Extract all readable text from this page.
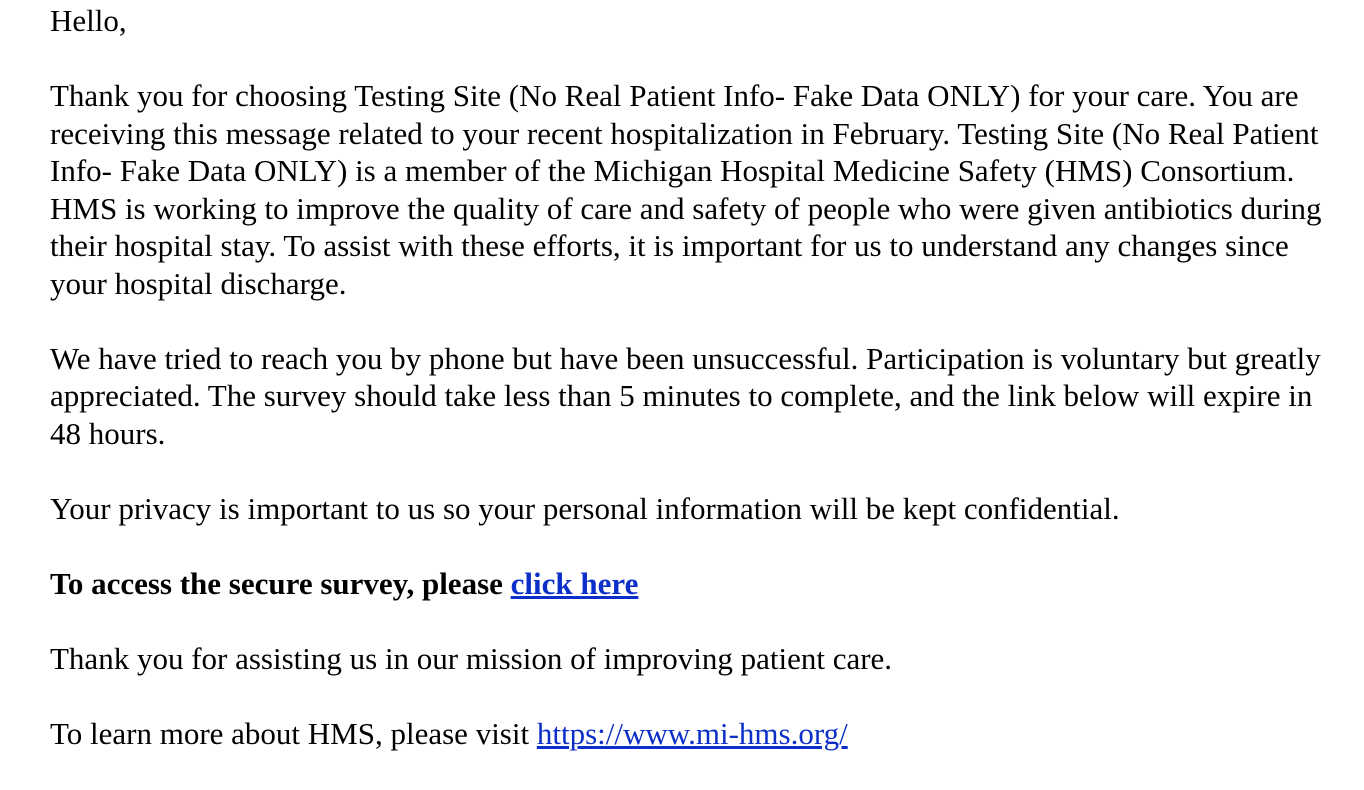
Hello,

Thank you for choosing Testing Site (No Real Patient Info- Fake Data ONLY) for your care. You are receiving this message related to your recent hospitalization in February. Testing Site (No Real Patient Info- Fake Data ONLY) is a member of the Michigan Hospital Medicine Safety (HMS) Consortium. HMS is working to improve the quality of care and safety of people who were given antibiotics during their hospital stay. To assist with these efforts, it is important for us to understand any changes since your hospital discharge.

We have tried to reach you by phone but have been unsuccessful. Participation is voluntary but greatly appreciated. The survey should take less than 5 minutes to complete, and the link below will expire in 48 hours.

Your privacy is important to us so your personal information will be kept confidential.

To access the secure survey, please click here

Thank you for assisting us in our mission of improving patient care.

To learn more about HMS, please visit https://www.mi-hms.org/
